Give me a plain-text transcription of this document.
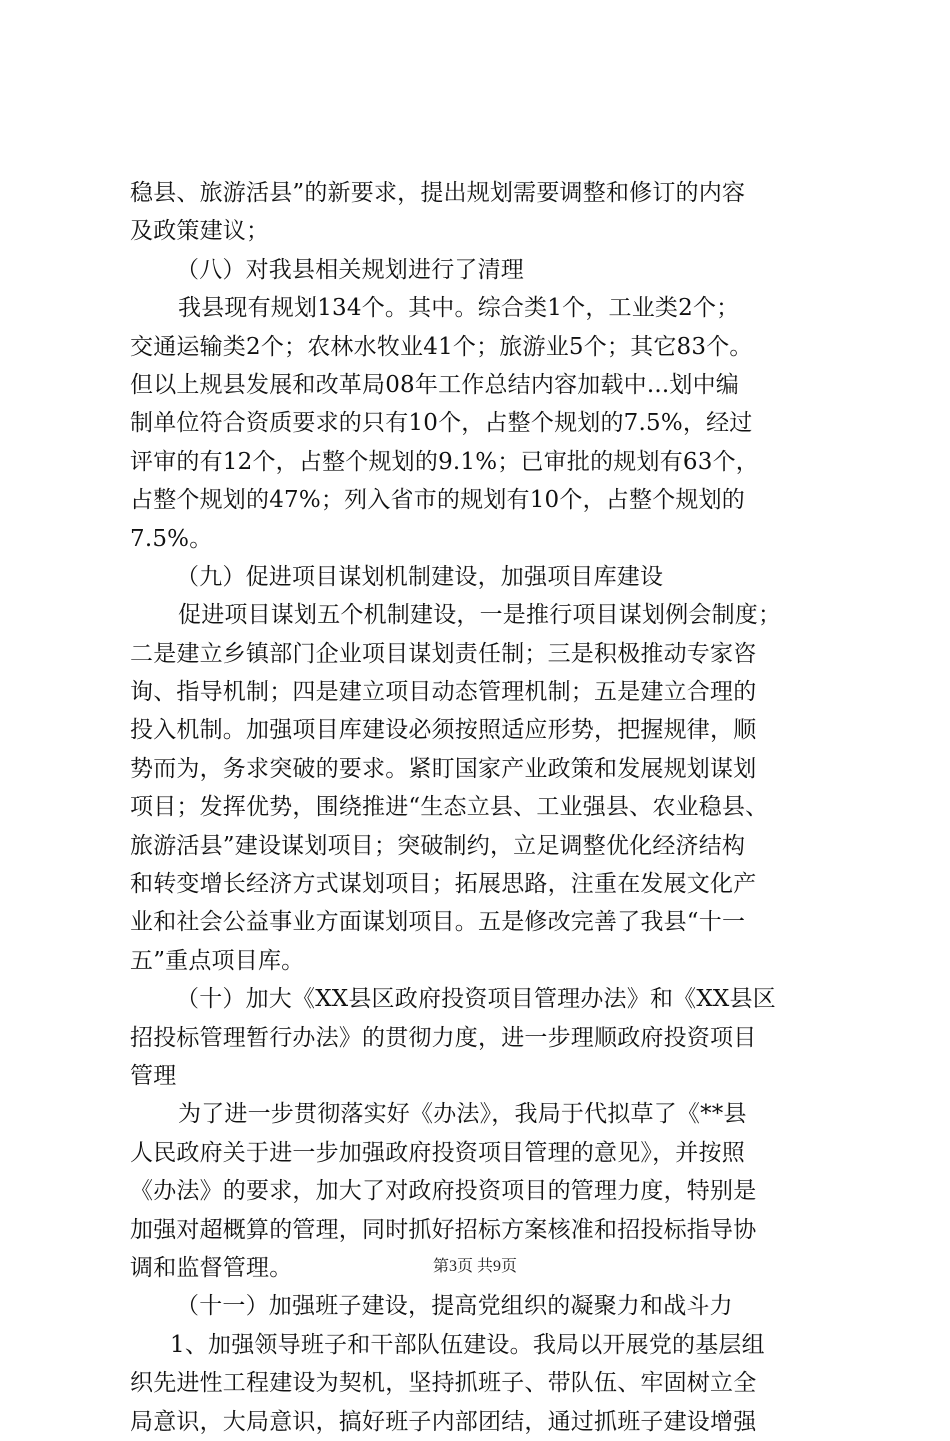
稳县、旅游活县”的新要求，提出规划需要调整和修订的内容
及政策建议；
（八）对我县相关规划进行了清理
我县现有规划134个。其中。综合类1个，工业类2个；
交通运输类2个；农林水牧业41个；旅游业5个；其它83个。
但以上规县发展和改革局08年工作总结内容加载中...划中编
制单位符合资质要求的只有10个，占整个规划的7.5%，经过
评审的有12个，占整个规划的9.1%；已审批的规划有63个，
占整个规划的47%；列入省市的规划有10个，占整个规划的
7.5%。
（九）促进项目谋划机制建设，加强项目库建设
促进项目谋划五个机制建设，一是推行项目谋划例会制度；
二是建立乡镇部门企业项目谋划责任制；三是积极推动专家咨
询、指导机制；四是建立项目动态管理机制；五是建立合理的
投入机制。加强项目库建设必须按照适应形势，把握规律，顺
势而为，务求突破的要求。紧盯国家产业政策和发展规划谋划
项目；发挥优势，围绕推进“生态立县、工业强县、农业稳县、
旅游活县”建设谋划项目；突破制约，立足调整优化经济结构
和转变增长经济方式谋划项目；拓展思路，注重在发展文化产
业和社会公益事业方面谋划项目。五是修改完善了我县“十一
五”重点项目库。
（十）加大《XX县区政府投资项目管理办法》和《XX县区
招投标管理暂行办法》的贯彻力度，进一步理顺政府投资项目
管理
为了进一步贯彻落实好《办法》，我局于代拟草了《**县
人民政府关于进一步加强政府投资项目管理的意见》，并按照
《办法》的要求，加大了对政府投资项目的管理力度，特别是
加强对超概算的管理，同时抓好招标方案核准和招投标指导协
调和监督管理。
（十一）加强班子建设，提高党组织的凝聚力和战斗力
1、加强领导班子和干部队伍建设。我局以开展党的基层组
织先进性工程建设为契机，坚持抓班子、带队伍、牢固树立全
局意识，大局意识，搞好班子内部团结，通过抓班子建设增强
第3页 共9页
